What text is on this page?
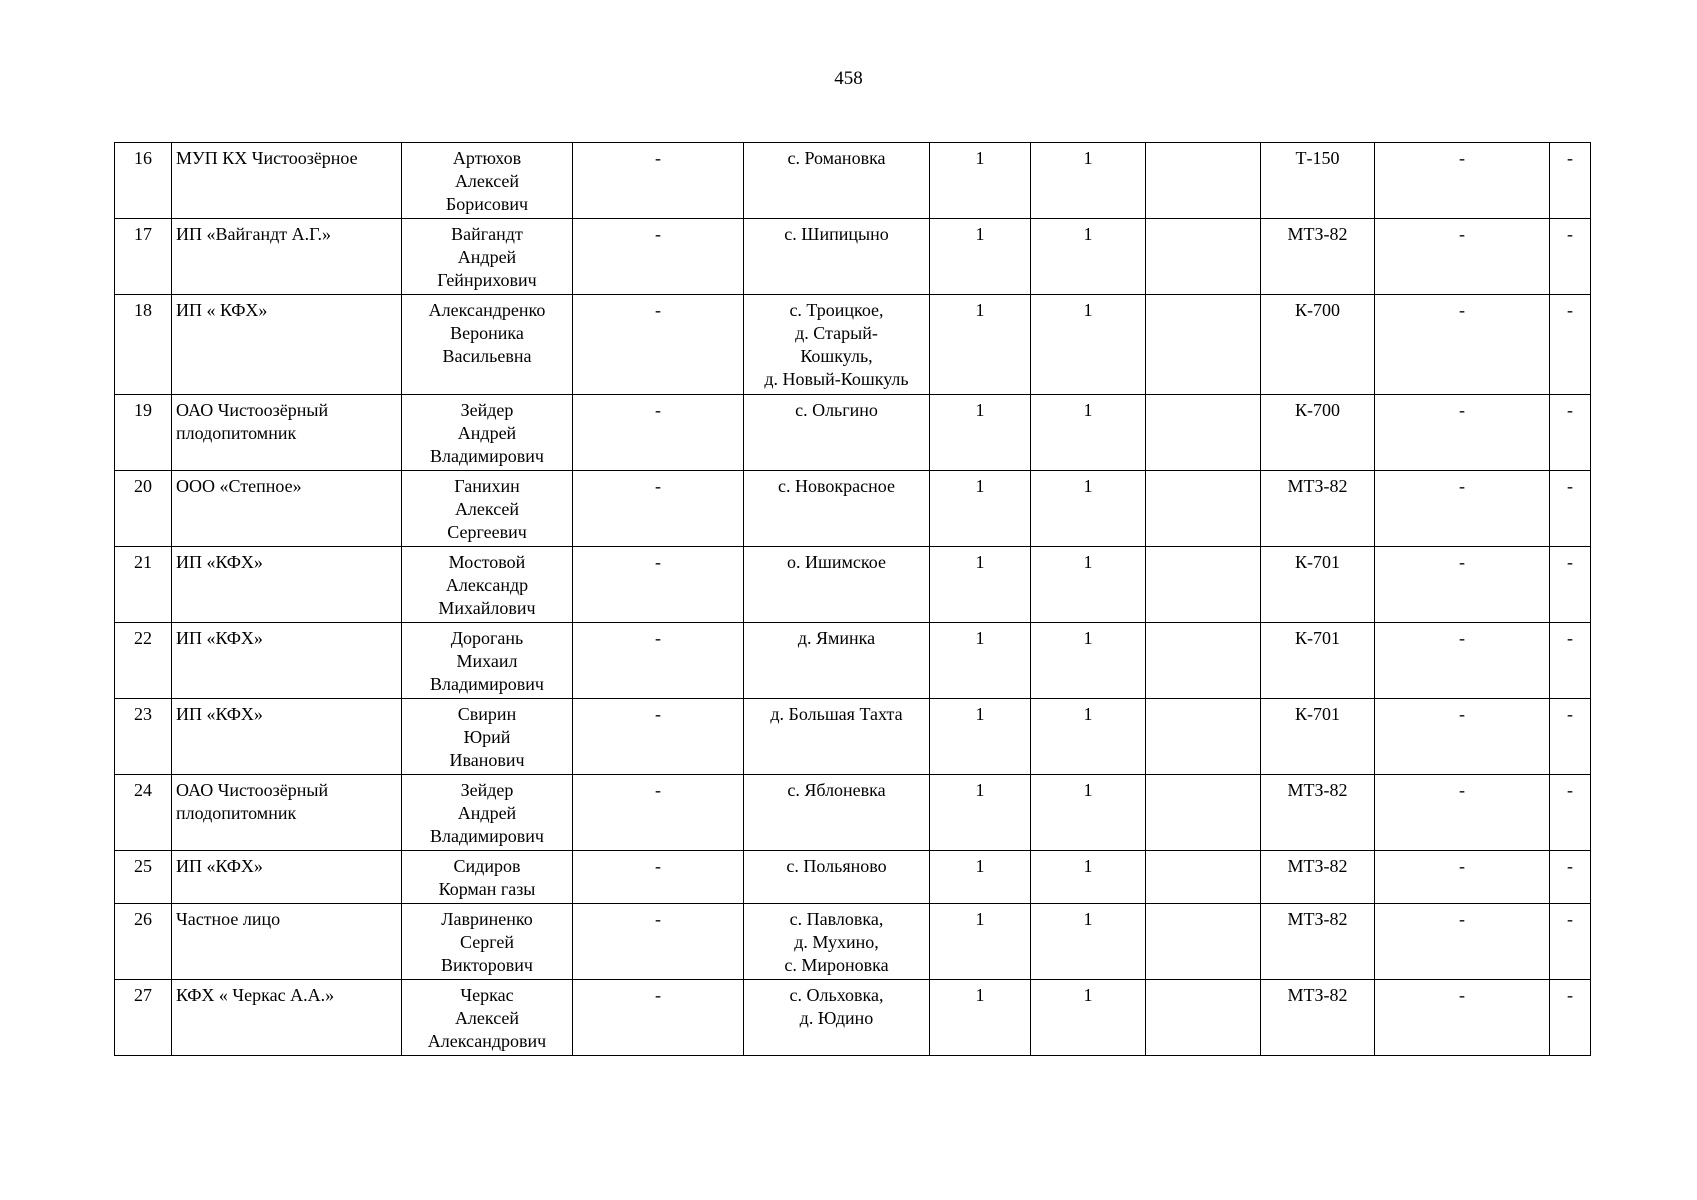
458
16	МУП КХ Чистоозёрное	Артюхов
Алексей
Борисович	-	с. Романовка	1	1		Т-150	-	-
17	ИП «Вайгандт А.Г.»	Вайгандт
Андрей
Гейнрихович	-	с. Шипицыно	1	1		МТЗ-82	-	-
18	ИП « КФХ»	Александренко
Вероника
Васильевна	-	с. Троицкое,
д. Старый-
Кошкуль,
д. Новый-Кошкуль	1	1		К-700	-	-
19	ОАО Чистоозёрный
плодопитомник	Зейдер
Андрей
Владимирович	-	с. Ольгино	1	1		К-700	-	-
20	ООО «Степное»	Ганихин
Алексей
Сергеевич	-	с. Новокрасное	1	1		МТЗ-82	-	-
21	ИП «КФХ»	Мостовой
Александр
Михайлович	-	о. Ишимское	1	1		К-701	-	-
22	ИП «КФХ»	Дорогань
Михаил
Владимирович	-	д. Яминка	1	1		К-701	-	-
23	ИП «КФХ»	Свирин
Юрий
Иванович	-	д. Большая Тахта	1	1		К-701	-	-
24	ОАО Чистоозёрный
плодопитомник	Зейдер
Андрей
Владимирович	-	с. Яблоневка	1	1		МТЗ-82	-	-
25	ИП «КФХ»	Сидиров
Корман газы	-	с. Польяново	1	1		МТЗ-82	-	-
26	Частное лицо	Лавриненко
Сергей
Викторович	-	с. Павловка,
д. Мухино,
с. Мироновка	1	1		МТЗ-82	-	-
27	КФХ « Черкас А.А.»	Черкас
Алексей
Александрович	-	с. Ольховка,
д. Юдино	1	1		МТЗ-82	-	-
